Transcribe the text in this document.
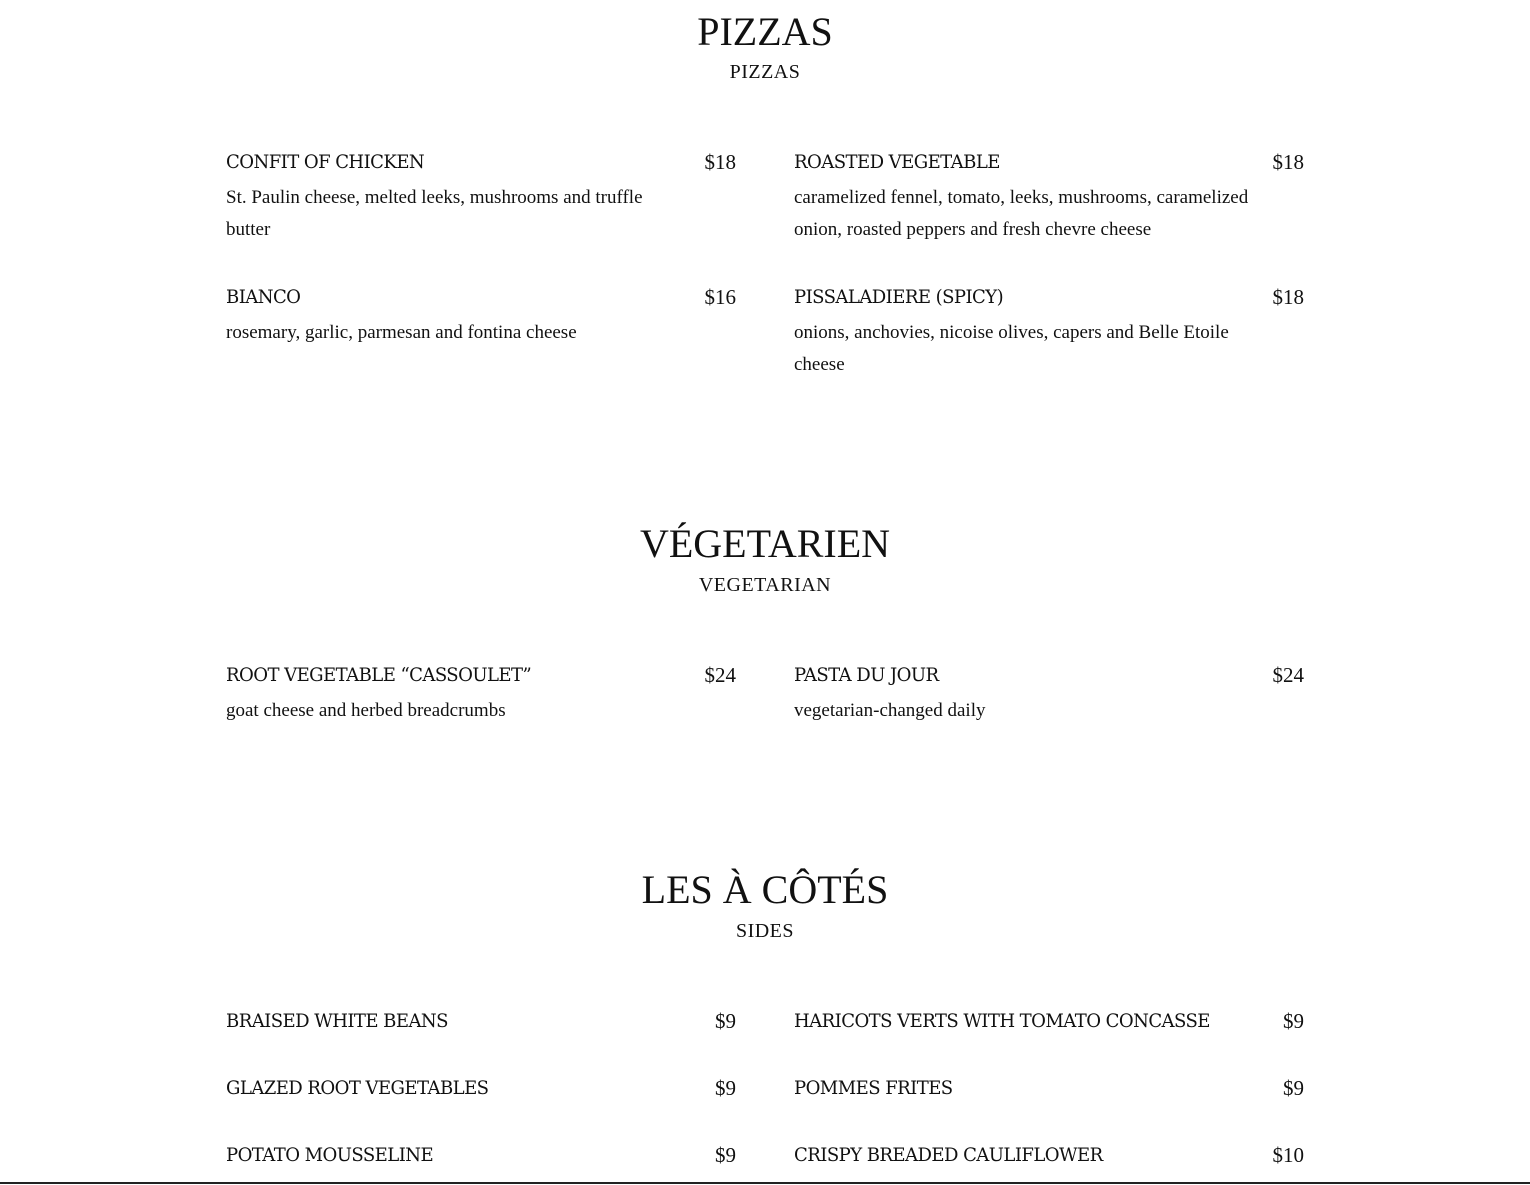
PIZZAS
PIZZAS
CONFIT OF CHICKEN	$18
St. Paulin cheese, melted leeks, mushrooms and truffle butter
ROASTED VEGETABLE	$18
caramelized fennel, tomato, leeks, mushrooms, caramelized onion, roasted peppers and fresh chevre cheese
BIANCO	$16
rosemary, garlic, parmesan and fontina cheese
PISSALADIERE (SPICY)	$18
onions, anchovies, nicoise olives, capers and Belle Etoile cheese
VÉGETARIEN
VEGETARIAN
ROOT VEGETABLE “CASSOULET”	$24
goat cheese and herbed breadcrumbs
PASTA DU JOUR	$24
vegetarian-changed daily
LES À CÔTÉS
SIDES
BRAISED WHITE BEANS	$9	HARICOTS VERTS WITH TOMATO CONCASSE	$9
GLAZED ROOT VEGETABLES	$9	POMMES FRITES	$9
POTATO MOUSSELINE	$9	CRISPY BREADED CAULIFLOWER	$10
